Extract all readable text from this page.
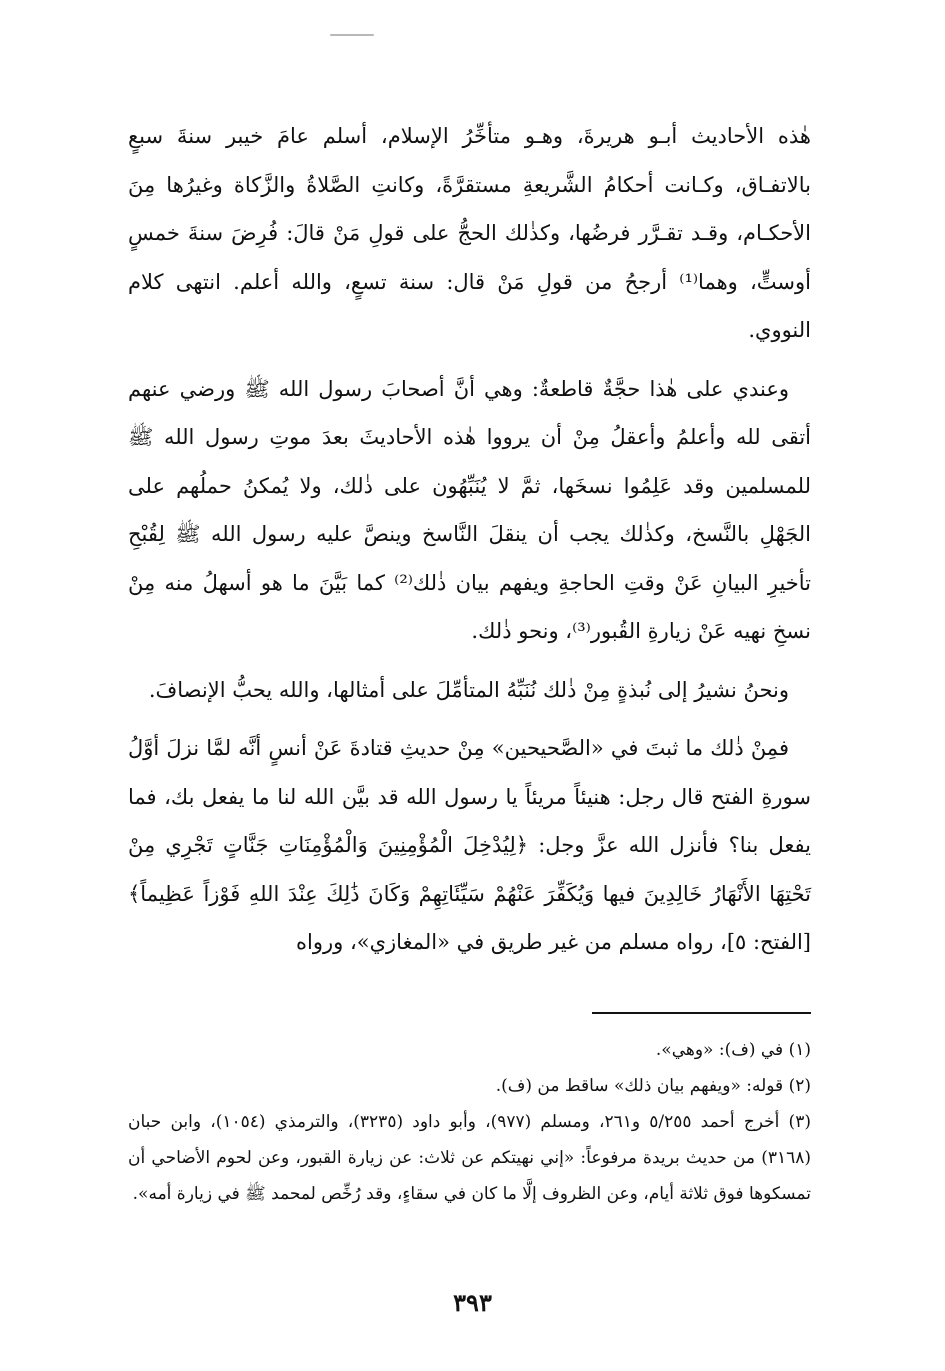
هٰذه الأحاديث أبـو هريرةَ، وهـو متأخِّرُ الإسلام، أسلم عامَ خيبر سنةَ سبعٍ بالاتفـاق، وكـانت أحكامُ الشَّريعةِ مستقرَّةً، وكانتِ الصَّلاةُ والزَّكاة وغيرُها مِنَ الأحكـام، وقـد تقـرَّر فرضُها، وكذٰلك الحجُّ على قولِ مَنْ قالَ: فُرِضَ سنةَ خمسٍ أوستٍّ، وهما⁽¹⁾ أرجحُ من قولِ مَنْ قال: سنة تسعٍ، والله أعلم. انتهى كلام النووي.

وعندي على هٰذا حجَّةٌ قاطعةٌ: وهي أنَّ أصحابَ رسول الله ﷺ ورضي عنهم أتقى لله وأعلمُ وأعقلُ مِنْ أن يرووا هٰذه الأحاديثَ بعدَ موتِ رسول الله ﷺ للمسلمين وقد عَلِمُوا نسخَها، ثمَّ لا يُنَبِّهُون على ذٰلك، ولا يُمكنُ حملُهم على الجَهْلِ بالنَّسخ، وكذٰلك يجب أن ينقلَ النَّاسخ وينصَّ عليه رسول الله ﷺ لِقُبْحِ تأخيرِ البيانِ عَنْ وقتِ الحاجةِ ويفهم بيان ذٰلك⁽²⁾ كما بَيَّنَ ما هو أسهلُ منه مِنْ نسخِ نهيه عَنْ زيارةِ القُبور⁽³⁾، ونحو ذٰلك.

ونحنُ نشيرُ إلى نُبذةٍ مِنْ ذٰلك نُنَبِّهُ المتأمِّلَ على أمثالها، والله يحبُّ الإنصافَ.

فمِنْ ذٰلك ما ثبتَ في «الصَّحيحين» مِنْ حديثِ قتادةَ عَنْ أنسٍ أنَّه لمَّا نزلَ أوَّلُ سورةِ الفتح قال رجل: هنيئاً مريئاً يا رسول الله قد بيَّن الله لنا ما يفعل بك، فما يفعل بنا؟ فأنزل الله عزَّ وجل: ﴿لِيُدْخِلَ الْمُؤْمِنِينَ وَالْمُؤْمِنَاتِ جَنَّاتٍ تَجْرِي مِنْ تَحْتِهَا الأَنْهَارُ خَالِدِينَ فيها وَيُكَفِّرَ عَنْهُمْ سَيِّئَاتِهِمْ وَكَانَ ذَٰلِكَ عِنْدَ اللهِ فَوْزاً عَظِيماً﴾ [الفتح: ٥]، رواه مسلم من غير طريق في «المغازي»، ورواه

(١) في (ف): «وهي».

(٢) قوله: «ويفهم بيان ذلك» ساقط من (ف).

(٣) أخرج أحمد ٥/٢٥٥ و٢٦١، ومسلم (٩٧٧)، وأبو داود (٣٢٣٥)، والترمذي (١٠٥٤)، وابن حبان (٣١٦٨) من حديث بريدة مرفوعاً: «إني نهيتكم عن ثلاث: عن زيارة القبور، وعن لحوم الأضاحي أن تمسكوها فوق ثلاثة أيام، وعن الظروف إلَّا ما كان في سقاءٍ، وقد رُخِّص لمحمد ﷺ في زيارة أمه».

٣٩٣
